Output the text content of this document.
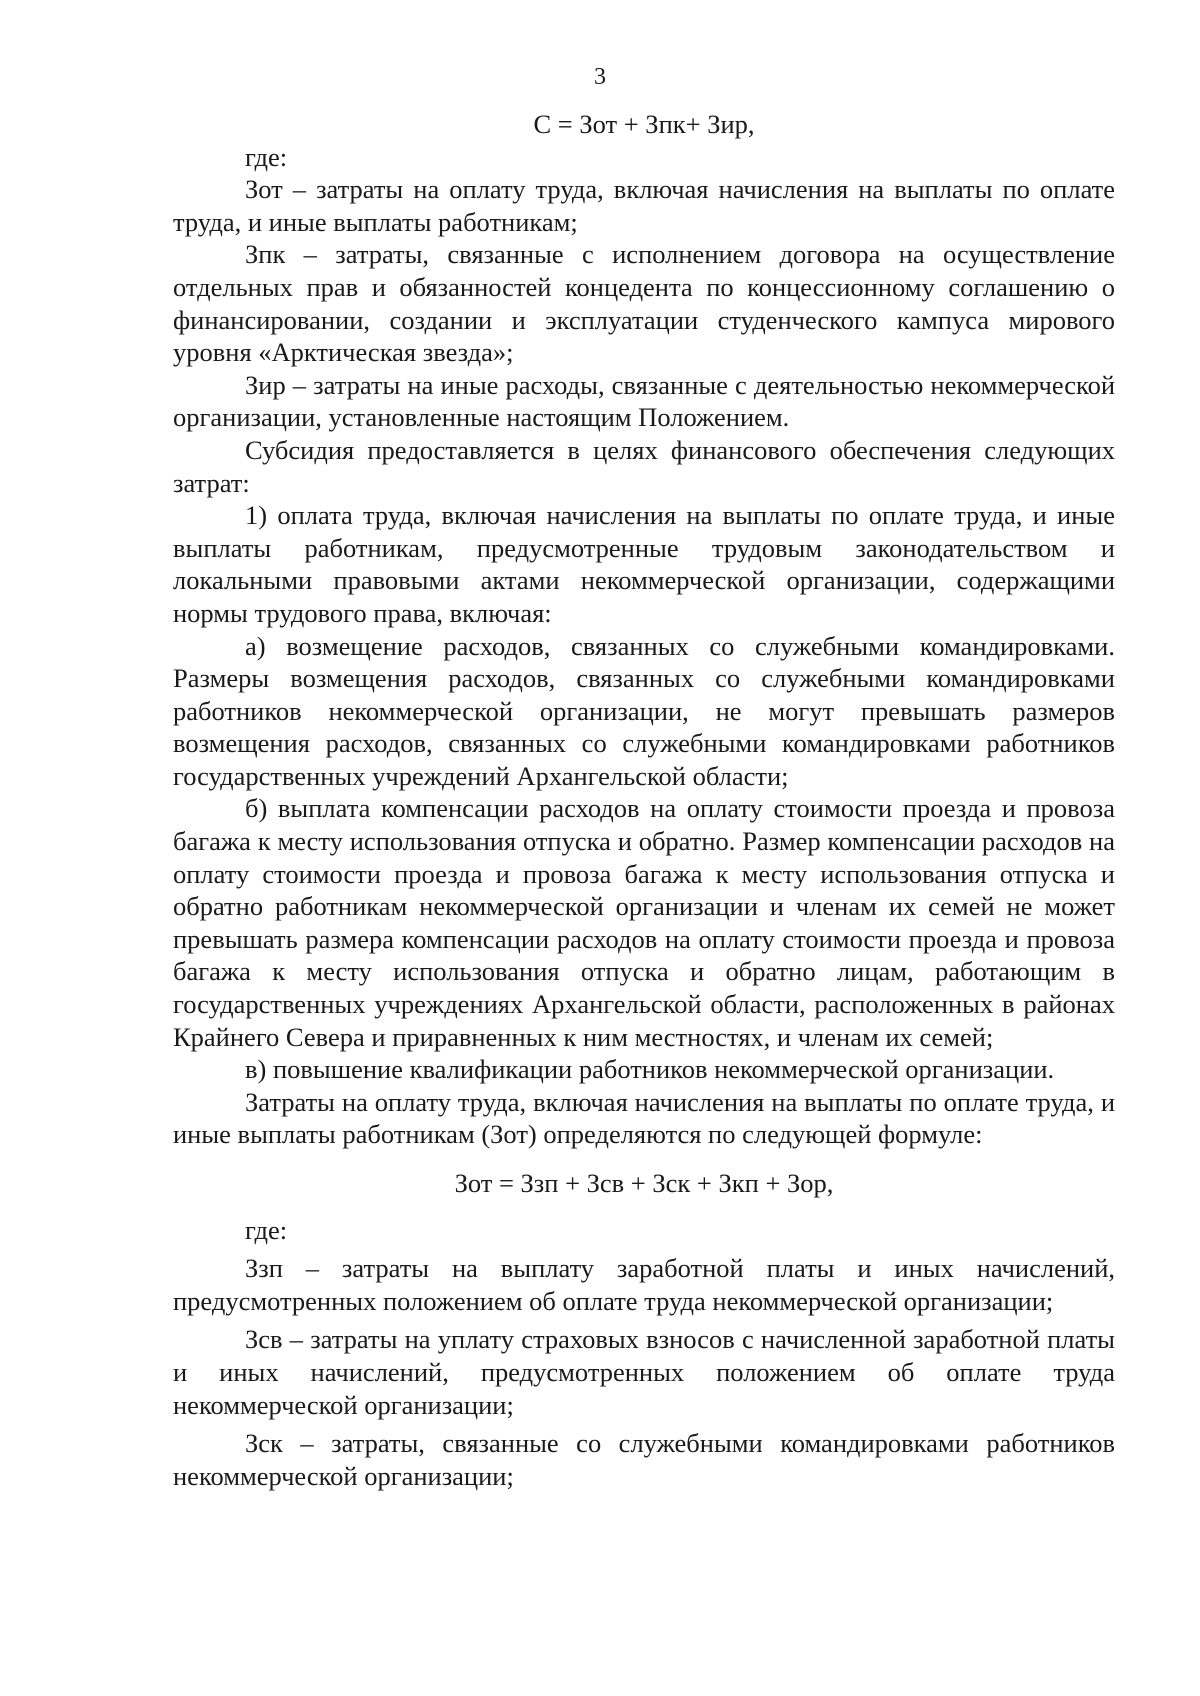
3

С = Зот + Зпк+ Зир,

где:

Зот – затраты на оплату труда, включая начисления на выплаты по оплате труда, и иные выплаты работникам;

Зпк – затраты, связанные с исполнением договора на осуществление отдельных прав и обязанностей концедента по концессионному соглашению о финансировании, создании и эксплуатации студенческого кампуса мирового уровня «Арктическая звезда»;

Зир – затраты на иные расходы, связанные с деятельностью некоммерческой организации, установленные настоящим Положением.

Субсидия предоставляется в целях финансового обеспечения следующих затрат:

1) оплата труда, включая начисления на выплаты по оплате труда, и иные выплаты работникам, предусмотренные трудовым законодательством и локальными правовыми актами некоммерческой организации, содержащими нормы трудового права, включая:

а) возмещение расходов, связанных со служебными командировками. Размеры возмещения расходов, связанных со служебными командировками работников некоммерческой организации, не могут превышать размеров возмещения расходов, связанных со служебными командировками работников государственных учреждений Архангельской области;

б) выплата компенсации расходов на оплату стоимости проезда и провоза багажа к месту использования отпуска и обратно. Размер компенсации расходов на оплату стоимости проезда и провоза багажа к месту использования отпуска и обратно работникам некоммерческой организации и членам их семей не может превышать размера компенсации расходов на оплату стоимости проезда и провоза багажа к месту использования отпуска и обратно лицам, работающим в государственных учреждениях Архангельской области, расположенных в районах Крайнего Севера и приравненных к ним местностях, и членам их семей;

в) повышение квалификации работников некоммерческой организации.

Затраты на оплату труда, включая начисления на выплаты по оплате труда, и иные выплаты работникам (Зот) определяются по следующей формуле:

Зот = Ззп + Зсв + Зск + Зкп + Зор,

где:

Ззп – затраты на выплату заработной платы и иных начислений, предусмотренных положением об оплате труда некоммерческой организации;

Зсв – затраты на уплату страховых взносов с начисленной заработной платы и иных начислений, предусмотренных положением об оплате труда некоммерческой организации;

Зск – затраты, связанные со служебными командировками работников некоммерческой организации;
